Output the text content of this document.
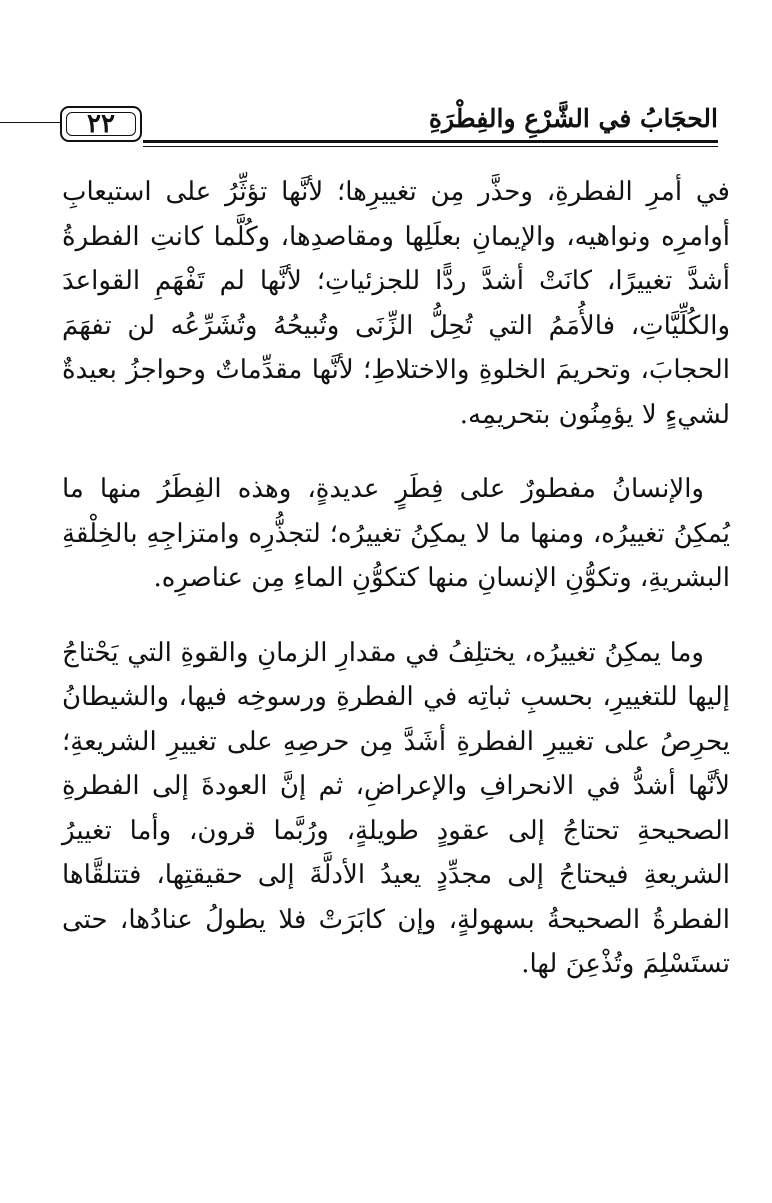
الحجَابُ في الشَّرْعِ والفِطْرَةِ
٢٢

في أمرِ الفطرةِ، وحذَّر مِن تغييرِها؛ لأنَّها تؤثِّرُ على استيعابِ أوامرِه ونواهيه، والإيمانِ بعلَلِها ومقاصدِها، وكُلَّما كانتِ الفطرةُ أشدَّ تغييرًا، كانَتْ أشدَّ ردًّا للجزئياتِ؛ لأنَّها لم تَفْهَمِ القواعدَ والكُلِّيَّاتِ، فالأُمَمُ التي تُحِلُّ الزِّنَى وتُبيحُهُ وتُشَرِّعُه لن تفهَمَ الحجابَ، وتحريمَ الخلوةِ والاختلاطِ؛ لأنَّها مقدِّماتٌ وحواجزُ بعيدةٌ لشيءٍ لا يؤمِنُون بتحريمِه.

والإنسانُ مفطورٌ على فِطَرٍ عديدةٍ، وهذه الفِطَرُ منها ما يُمكِنُ تغييرُه، ومنها ما لا يمكِنُ تغييرُه؛ لتجذُّرِه وامتزاجِهِ بالخِلْقةِ البشريةِ، وتكوُّنِ الإنسانِ منها كتكوُّنِ الماءِ مِن عناصرِه.

وما يمكِنُ تغييرُه، يختلِفُ في مقدارِ الزمانِ والقوةِ التي يَحْتاجُ إليها للتغييرِ، بحسبِ ثباتِه في الفطرةِ ورسوخِه فيها، والشيطانُ يحرِصُ على تغييرِ الفطرةِ أشَدَّ مِن حرصِهِ على تغييرِ الشريعةِ؛ لأنَّها أشدُّ في الانحرافِ والإعراضِ، ثم إنَّ العودةَ إلى الفطرةِ الصحيحةِ تحتاجُ إلى عقودٍ طويلةٍ، ورُبَّما قرون، وأما تغييرُ الشريعةِ فيحتاجُ إلى مجدِّدٍ يعيدُ الأدلَّةَ إلى حقيقتِها، فتتلقَّاها الفطرةُ الصحيحةُ بسهولةٍ، وإن كابَرَتْ فلا يطولُ عنادُها، حتى تستَسْلِمَ وتُذْعِنَ لها.
